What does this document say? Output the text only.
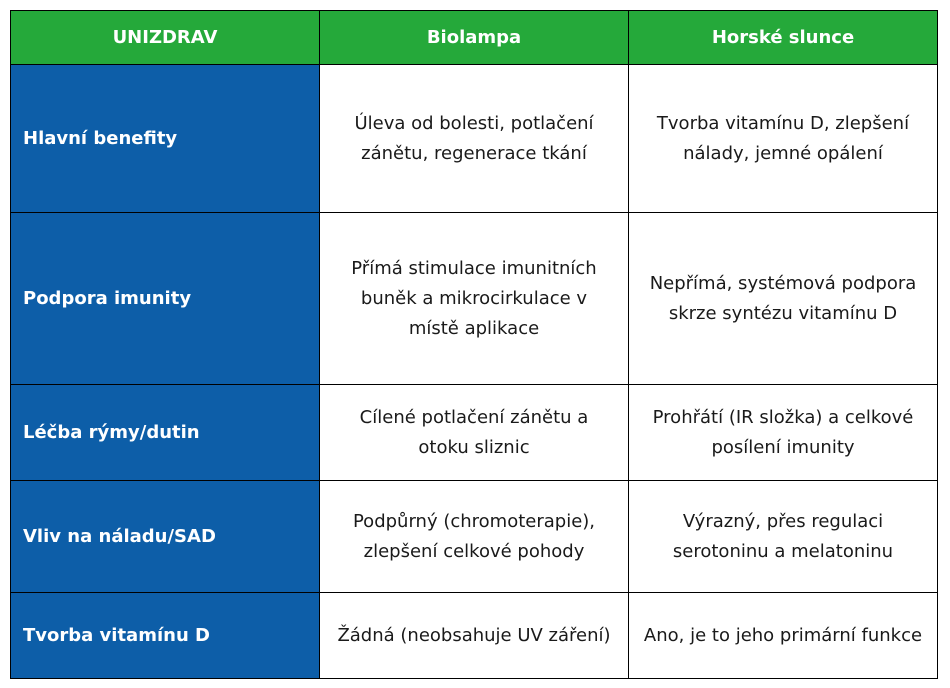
UNIZDRAV	Biolampa	Horské slunce
Hlavní benefity	Úleva od bolesti, potlačení zánětu, regenerace tkání	Tvorba vitamínu D, zlepšení nálady, jemné opálení
Podpora imunity	Přímá stimulace imunitních buněk a mikrocirkulace v místě aplikace	Nepřímá, systémová podpora skrze syntézu vitamínu D
Léčba rýmy/dutin	Cílené potlačení zánětu a otoku sliznic	Prohřátí (IR složka) a celkové posílení imunity
Vliv na náladu/SAD	Podpůrný (chromoterapie), zlepšení celkové pohody	Výrazný, přes regulaci serotoninu a melatoninu
Tvorba vitamínu D	Žádná (neobsahuje UV záření)	Ano, je to jeho primární funkce
